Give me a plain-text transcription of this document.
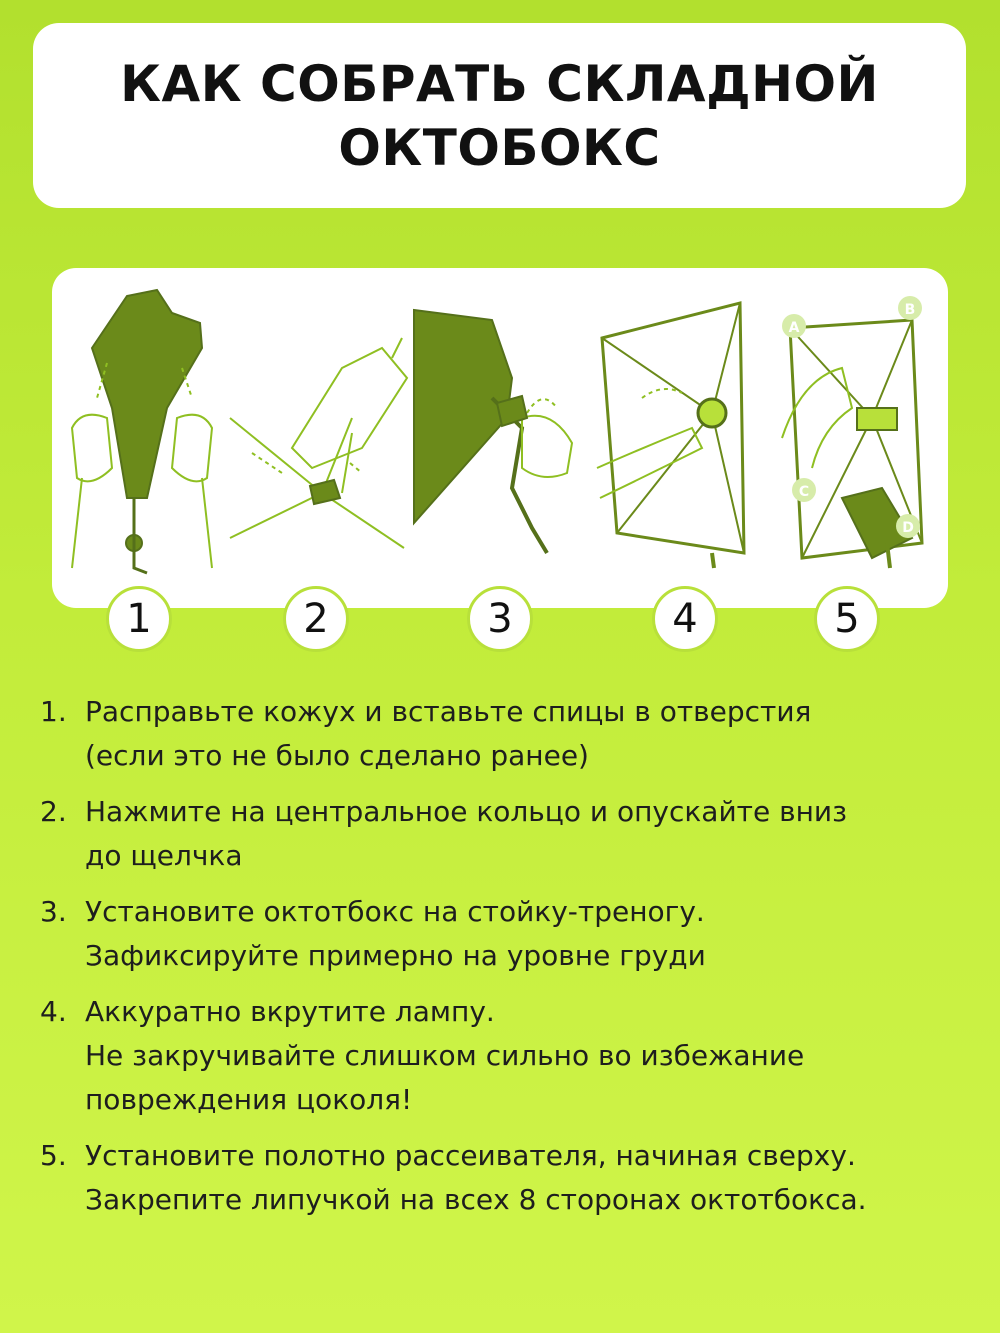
КАК СОБРАТЬ СКЛАДНОЙ
ОКТОБОКС
A
B
C
D
1	2	3	4	5
1. Расправьте кожух и вставьте спицы в отверстия
(если это не было сделано ранее)
2. Нажмите на центральное кольцо и опускайте вниз
до щелчка
3. Установите октотбокс на стойку-треногу.
Зафиксируйте примерно на уровне груди
4. Аккуратно вкрутите лампу.
Не закручивайте слишком сильно во избежание
повреждения цоколя!
5. Установите полотно рассеивателя, начиная сверху.
Закрепите липучкой на всех 8 сторонах октотбокса.
